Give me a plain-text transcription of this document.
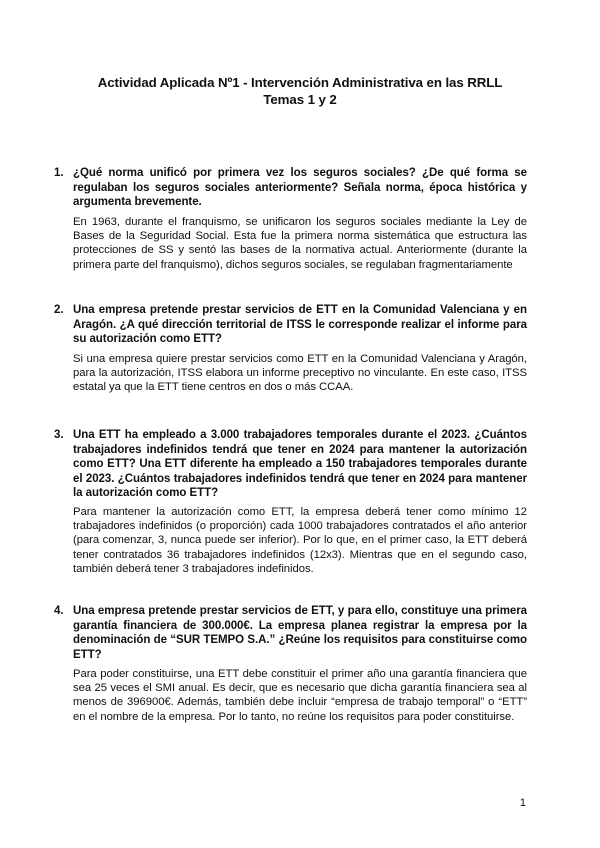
Actividad Aplicada Nº1 - Intervención Administrativa en las RRLL
Temas 1 y 2
1. ¿Qué norma unificó por primera vez los seguros sociales? ¿De qué forma se regulaban los seguros sociales anteriormente? Señala norma, época histórica y argumenta brevemente.
En 1963, durante el franquismo, se unificaron los seguros sociales mediante la Ley de Bases de la Seguridad Social. Esta fue la primera norma sistemática que estructura las protecciones de SS y sentó las bases de la normativa actual. Anteriormente (durante la primera parte del franquismo), dichos seguros sociales, se regulaban fragmentariamente
2. Una empresa pretende prestar servicios de ETT en la Comunidad Valenciana y en Aragón. ¿A qué dirección territorial de ITSS le corresponde realizar el informe para su autorización como ETT?
Si una empresa quiere prestar servicios como ETT en la Comunidad Valenciana y Aragón, para la autorización, ITSS elabora un informe preceptivo no vinculante. En este caso, ITSS estatal ya que la ETT tiene centros en dos o más CCAA.
3. Una ETT ha empleado a 3.000 trabajadores temporales durante el 2023. ¿Cuántos trabajadores indefinidos tendrá que tener en 2024 para mantener la autorización como ETT? Una ETT diferente ha empleado a 150 trabajadores temporales durante el 2023. ¿Cuántos trabajadores indefinidos tendrá que tener en 2024 para mantener la autorización como ETT?
Para mantener la autorización como ETT, la empresa deberá tener como mínimo 12 trabajadores indefinidos (o proporción) cada 1000 trabajadores contratados el año anterior (para comenzar, 3, nunca puede ser inferior). Por lo que, en el primer caso, la ETT deberá tener contratados 36 trabajadores indefinidos (12x3). Mientras que en el segundo caso, también deberá tener 3 trabajadores indefinidos.
4. Una empresa pretende prestar servicios de ETT, y para ello, constituye una primera garantía financiera de 300.000€. La empresa planea registrar la empresa por la denominación de “SUR TEMPO S.A.” ¿Reúne los requisitos para constituirse como ETT?
Para poder constituirse, una ETT debe constituir el primer año una garantía financiera que sea 25 veces el SMI anual. Es decir, que es necesario que dicha garantía financiera sea al menos de 396900€. Además, también debe incluir “empresa de trabajo temporal” o “ETT” en el nombre de la empresa. Por lo tanto, no reúne los requisitos para poder constituirse.
1
